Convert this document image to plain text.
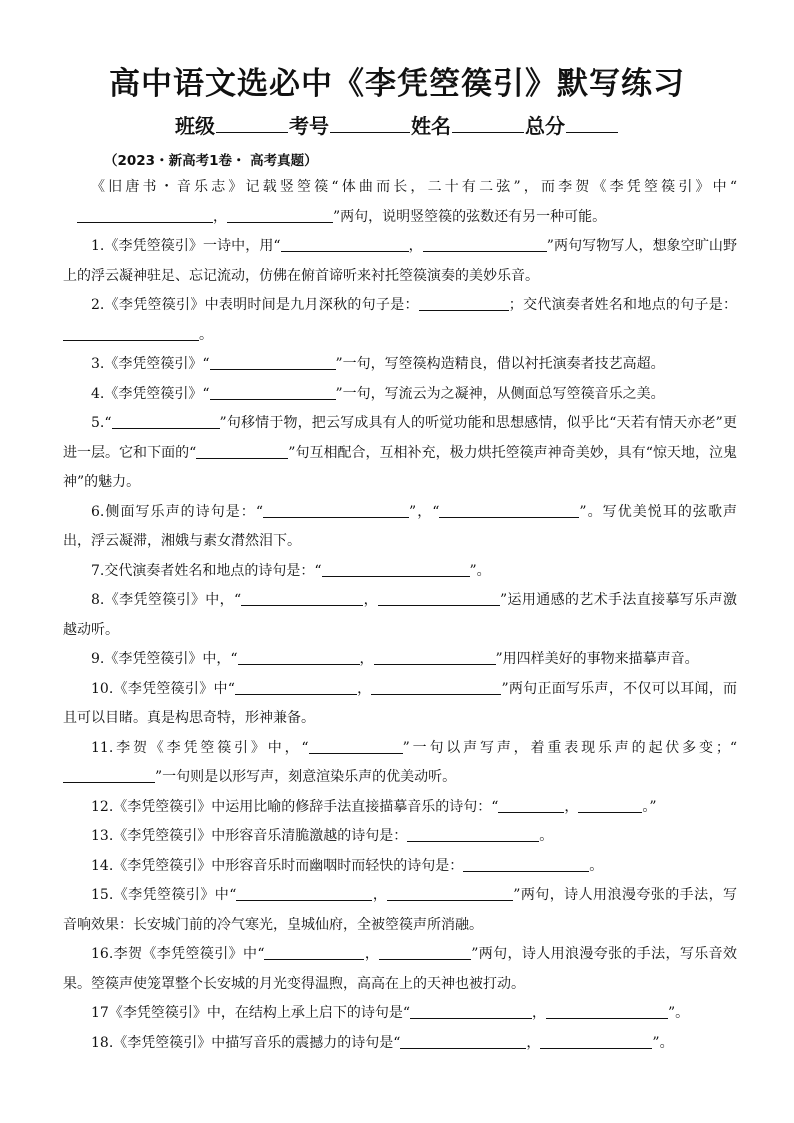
高中语文选必中《李凭箜篌引》默写练习
班级	考号	姓名	总分
（2023・新高考1卷・ 高考真题）

《旧唐书・音乐志》记载竖箜篌“体曲而长，二十有二弦”，而李贺《李凭箜篌引》中“，	”两句，说明竖箜篌的弦数还有另一种可能。

1.《李凭箜篌引》一诗中，用“	，	”两句写物写人，想象空旷山野上的浮云凝神驻足、忘记流动，仿佛在俯首谛听来衬托箜篌演奏的美妙乐音。

2.《李凭箜篌引》中表明时间是九月深秋的句子是：	；交代演奏者姓名和地点的句子是：。

3.《李凭箜篌引》“	”一句，写箜篌构造精良，借以衬托演奏者技艺高超。

4.《李凭箜篌引》“	”一句，写流云为之凝神，从侧面总写箜篌音乐之美。

5.“	”句移情于物，把云写成具有人的听觉功能和思想感情，似乎比“天若有情天亦老”更进一层。它和下面的“	”句互相配合，互相补充，极力烘托箜篌声神奇美妙，具有“惊天地，泣鬼神”的魅力。

6.侧面写乐声的诗句是：“	”，“	”。写优美悦耳的弦歌声出，浮云凝滞，湘娥与素女潸然泪下。

7.交代演奏者姓名和地点的诗句是：“	”。

8.《李凭箜篌引》中，“	，	”运用通感的艺术手法直接摹写乐声激越动听。

9.《李凭箜篌引》中，“	，	”用四样美好的事物来描摹声音。

10.《李凭箜篌引》中“	，	”两句正面写乐声，不仅可以耳闻，而且可以目睹。真是构思奇特，形神兼备。

11.李贺《李凭箜篌引》中，“	”一句以声写声，着重表现乐声的起伏多变；“”一句则是以形写声，刻意渲染乐声的优美动听。

12.《李凭箜篌引》中运用比喻的修辞手法直接描摹音乐的诗句：“	，	。”

13.《李凭箜篌引》中形容音乐清脆激越的诗句是：	。

14.《李凭箜篌引》中形容音乐时而幽咽时而轻快的诗句是：	。

15.《李凭箜篌引》中“	，	”两句，诗人用浪漫夸张的手法，写音响效果：长安城门前的冷气寒光，皇城仙府，全被箜篌声所消融。

16.李贺《李凭箜篌引》中“	，	”两句，诗人用浪漫夸张的手法，写乐音效果。箜篌声使笼罩整个长安城的月光变得温煦，高高在上的天神也被打动。

17《李凭箜篌引》中，在结构上承上启下的诗句是“	，	”。

18.《李凭箜篌引》中描写音乐的震撼力的诗句是“	，	”。
